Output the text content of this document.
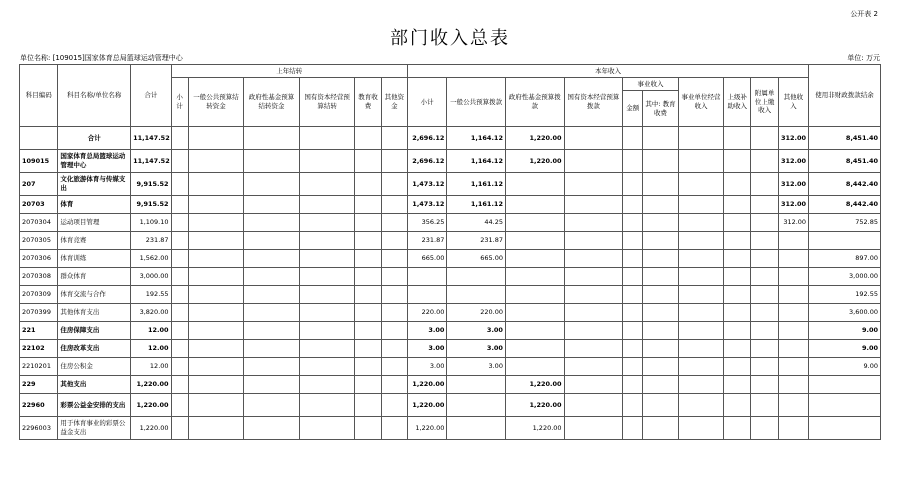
公开表 2
部门收入总表
单位名称: [109015]国家体育总局篮球运动管理中心	单位: 万元
科目编码	科目名称/单位名称	合计	上年结转						本年收入										使用非财政拨款结余
			小计	一般公共预算结转资金	政府性基金预算结转资金	国有资本经营预算结转	教育收费	其他资金	小计	一般公共预算拨款	政府性基金预算拨款	国有资本经营预算拨款	事业收入		事业单位经营收入	上级补助收入	附属单位上缴收入	其他收入	
													金额	其中: 教育收费					
	合计	11,147.52							2,696.12	1,164.12	1,220.00							312.00	8,451.40
109015	国家体育总局篮球运动管理中心	11,147.52							2,696.12	1,164.12	1,220.00							312.00	8,451.40
207	文化旅游体育与传媒支出	9,915.52							1,473.12	1,161.12								312.00	8,442.40
20703	体育	9,915.52							1,473.12	1,161.12								312.00	8,442.40
2070304	运动项目管理	1,109.10							356.25	44.25								312.00	752.85
2070305	体育竞赛	231.87							231.87	231.87									
2070306	体育训练	1,562.00							665.00	665.00									897.00
2070308	群众体育	3,000.00																	3,000.00
2070309	体育交流与合作	192.55																	192.55
2070399	其他体育支出	3,820.00							220.00	220.00									3,600.00
221	住房保障支出	12.00							3.00	3.00									9.00
22102	住房改革支出	12.00							3.00	3.00									9.00
2210201	住房公积金	12.00							3.00	3.00									9.00
229	其他支出	1,220.00							1,220.00		1,220.00								
22960	彩票公益金安排的支出	1,220.00							1,220.00		1,220.00								
2296003	用于体育事业的彩票公益金支出	1,220.00							1,220.00		1,220.00								
